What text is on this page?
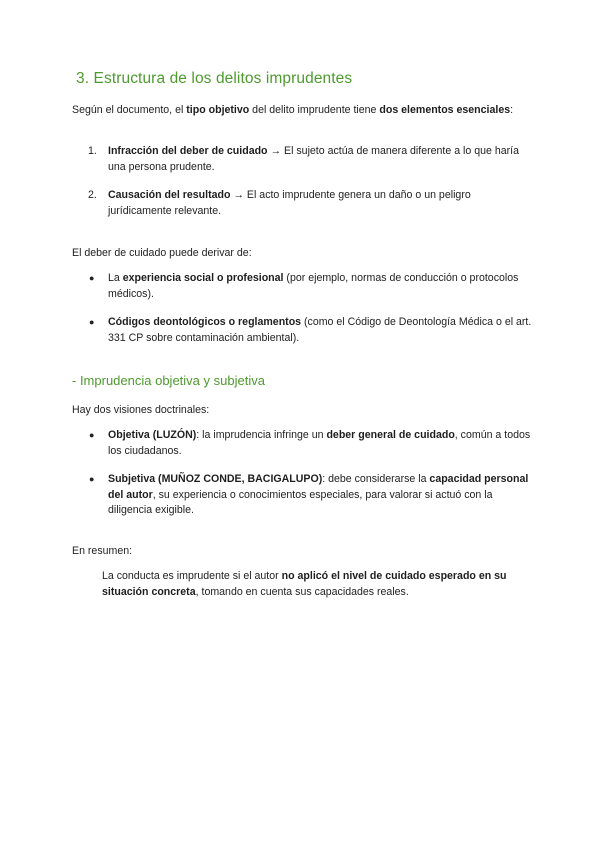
3. Estructura de los delitos imprudentes

Según el documento, el tipo objetivo del delito imprudente tiene dos elementos esenciales:

1. Infracción del deber de cuidado → El sujeto actúa de manera diferente a lo que haría una persona prudente.
2. Causación del resultado → El acto imprudente genera un daño o un peligro jurídicamente relevante.

El deber de cuidado puede derivar de:

● La experiencia social o profesional (por ejemplo, normas de conducción o protocolos médicos).
● Códigos deontológicos o reglamentos (como el Código de Deontología Médica o el art. 331 CP sobre contaminación ambiental).
- Imprudencia objetiva y subjetiva

Hay dos visiones doctrinales:

● Objetiva (LUZÓN): la imprudencia infringe un deber general de cuidado, común a todos los ciudadanos.
● Subjetiva (MUÑOZ CONDE, BACIGALUPO): debe considerarse la capacidad personal del autor, su experiencia o conocimientos especiales, para valorar si actuó con la diligencia exigible.

En resumen:

La conducta es imprudente si el autor no aplicó el nivel de cuidado esperado en su situación concreta, tomando en cuenta sus capacidades reales.
